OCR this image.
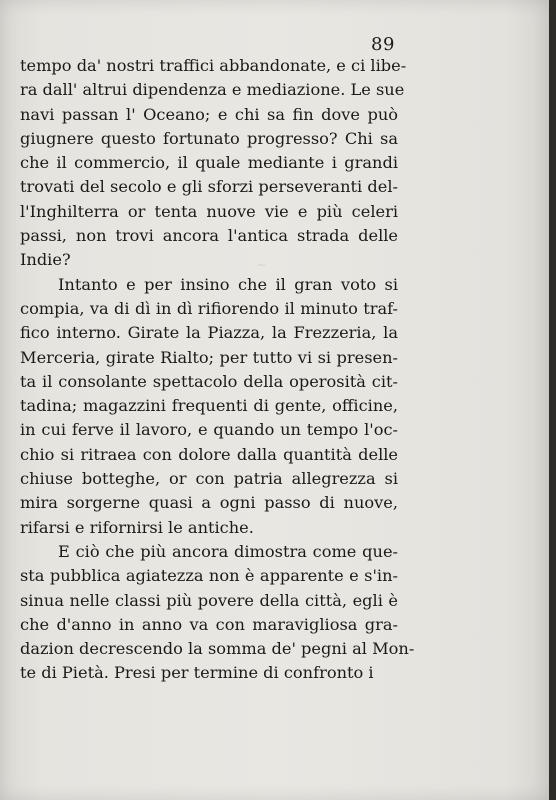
~
89
tempo da' nostri traffici abbandonate, e ci libe-
ra dall' altrui dipendenza e mediazione. Le sue
navi passan l' Oceano; e chi sa fin dove può
giugnere questo fortunato progresso? Chi sa
che il commercio, il quale mediante i grandi
trovati del secolo e gli sforzi perseveranti del-
l'Inghilterra or tenta nuove vie e più celeri
passi, non trovi ancora l'antica strada delle
Indie?
Intanto e per insino che il gran voto si
compia, va di dì in dì rifiorendo il minuto traf-
fico interno. Girate la Piazza, la Frezzeria, la
Merceria, girate Rialto; per tutto vi si presen-
ta il consolante spettacolo della operosità cit-
tadina; magazzini frequenti di gente, officine,
in cui ferve il lavoro, e quando un tempo l'oc-
chio si ritraea con dolore dalla quantità delle
chiuse botteghe, or con patria allegrezza si
mira sorgerne quasi a ogni passo di nuove,
rifarsi e rifornirsi le antiche.
E ciò che più ancora dimostra come que-
sta pubblica agiatezza non è apparente e s'in-
sinua nelle classi più povere della città, egli è
che d'anno in anno va con maravigliosa gra-
dazion decrescendo la somma de' pegni al Mon-
te di Pietà. Presi per termine di confronto i
